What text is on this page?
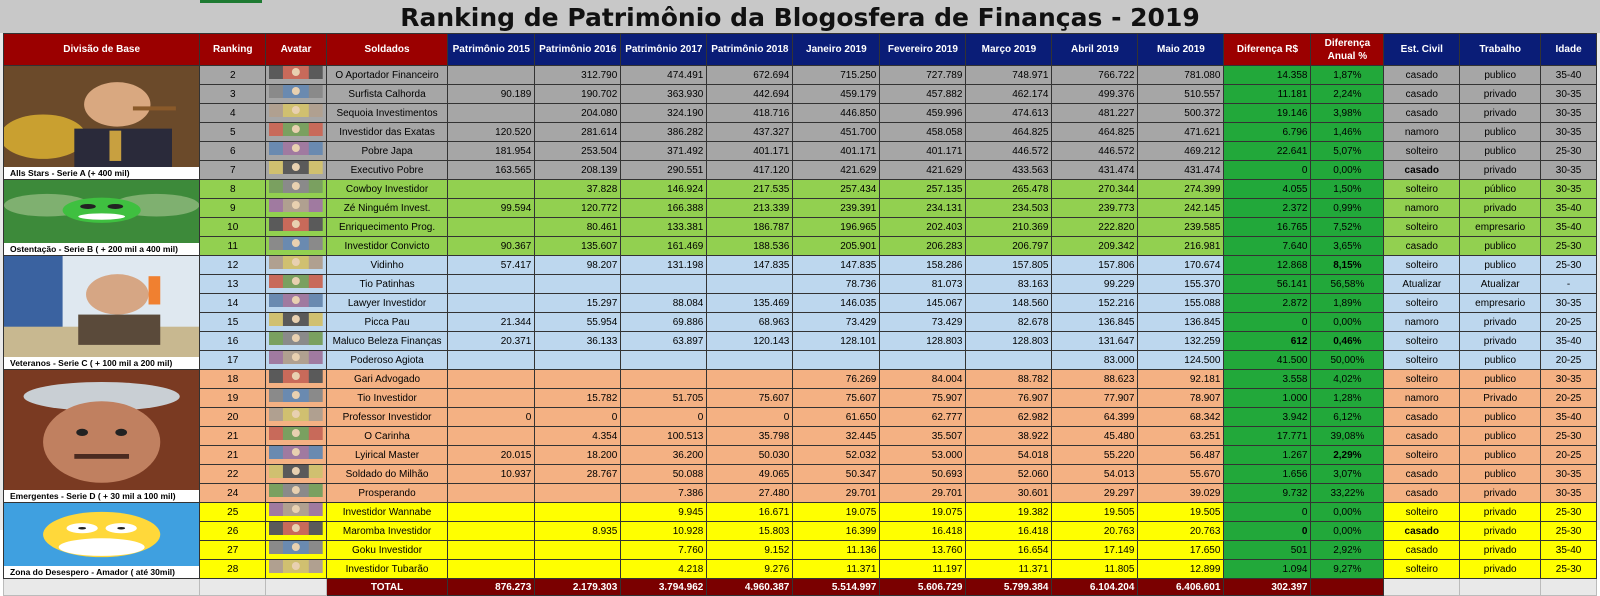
Ranking de Patrimônio da Blogosfera de Finanças - 2019
Divisão de Base	Ranking	Avatar	Soldados	Patrimônio 2015	Patrimônio 2016	Patrimônio 2017	Patrimônio 2018	Janeiro 2019	Fevereiro 2019	Março 2019	Abril 2019	Maio 2019	Diferença R$	Diferença Anual %	Est. Civil	Trabalho	Idade

Alls Stars - Serie A (+ 400 mil)	2		O Aportador Financeiro		312.790	474.491	672.694	715.250	727.789	748.971	766.722	781.080	14.358	1,87%	casado	publico	35-40
	3		Surfista Calhorda	90.189	190.702	363.930	442.694	459.179	457.882	462.174	499.376	510.557	11.181	2,24%	casado	privado	30-35
	4		Sequoia Investimentos		204.080	324.190	418.716	446.850	459.996	474.613	481.227	500.372	19.146	3,98%	casado	privado	30-35
	5		Investidor das Exatas	120.520	281.614	386.282	437.327	451.700	458.058	464.825	464.825	471.621	6.796	1,46%	namoro	publico	30-35
	6		Pobre Japa	181.954	253.504	371.492	401.171	401.171	401.171	446.572	446.572	469.212	22.641	5,07%	solteiro	publico	25-30
	7		Executivo Pobre	163.565	208.139	290.551	417.120	421.629	421.629	433.563	431.474	431.474	0	0,00%	casado	privado	30-35

Ostentação - Serie B ( + 200 mil a 400 mil)	8		Cowboy Investidor		37.828	146.924	217.535	257.434	257.135	265.478	270.344	274.399	4.055	1,50%	solteiro	público	30-35
	9		Zé Ninguém Invest.	99.594	120.772	166.388	213.339	239.391	234.131	234.503	239.773	242.145	2.372	0,99%	namoro	privado	35-40
	10		Enriquecimento Prog.		80.461	133.381	186.787	196.965	202.403	210.369	222.820	239.585	16.765	7,52%	solteiro	empresario	35-40
	11		Investidor Convicto	90.367	135.607	161.469	188.536	205.901	206.283	206.797	209.342	216.981	7.640	3,65%	casado	publico	25-30

Veteranos - Serie C ( + 100 mil a 200 mil)	12		Vidinho	57.417	98.207	131.198	147.835	147.835	158.286	157.805	157.806	170.674	12.868	8,15%	solteiro	publico	25-30
	13		Tio Patinhas					78.736	81.073	83.163	99.229	155.370	56.141	56,58%	Atualizar	Atualizar	-
	14		Lawyer Investidor		15.297	88.084	135.469	146.035	145.067	148.560	152.216	155.088	2.872	1,89%	solteiro	empresario	30-35
	15		Picca Pau	21.344	55.954	69.886	68.963	73.429	73.429	82.678	136.845	136.845	0	0,00%	namoro	privado	20-25
	16		Maluco Beleza Finanças	20.371	36.133	63.897	120.143	128.101	128.803	128.803	131.647	132.259	612	0,46%	solteiro	privado	35-40
	17		Poderoso Agiota								83.000	124.500	41.500	50,00%	solteiro	publico	20-25

Emergentes - Serie D ( + 30 mil a 100 mil)	18		Gari Advogado					76.269	84.004	88.782	88.623	92.181	3.558	4,02%	solteiro	publico	30-35
	19		Tio Investidor		15.782	51.705	75.607	75.607	75.907	76.907	77.907	78.907	1.000	1,28%	namoro	Privado	20-25
	20		Professor Investidor	0	0	0	0	61.650	62.777	62.982	64.399	68.342	3.942	6,12%	casado	publico	35-40
	21		O Carinha		4.354	100.513	35.798	32.445	35.507	38.922	45.480	63.251	17.771	39,08%	casado	publico	25-30
	21		Lyirical Master	20.015	18.200	36.200	50.030	52.032	53.000	54.018	55.220	56.487	1.267	2,29%	solteiro	publico	20-25
	22		Soldado do Milhão	10.937	28.767	50.088	49.065	50.347	50.693	52.060	54.013	55.670	1.656	3,07%	casado	publico	30-35
	24		Prosperando			7.386	27.480	29.701	29.701	30.601	29.297	39.029	9.732	33,22%	casado	privado	30-35

Zona do Desespero - Amador ( até 30mil)	25		Investidor Wannabe			9.945	16.671	19.075	19.075	19.382	19.505	19.505	0	0,00%	solteiro	privado	25-30
	26		Maromba Investidor		8.935	10.928	15.803	16.399	16.418	16.418	20.763	20.763	0	0,00%	casado	privado	25-30
	27		Goku Investidor			7.760	9.152	11.136	13.760	16.654	17.149	17.650	501	2,92%	casado	privado	35-40
	28		Investidor Tubarão			4.218	9.276	11.371	11.197	11.371	11.805	12.899	1.094	9,27%	solteiro	privado	25-30
			TOTAL	876.273	2.179.303	3.794.962	4.960.387	5.514.997	5.606.729	5.799.384	6.104.204	6.406.601	302.397				
